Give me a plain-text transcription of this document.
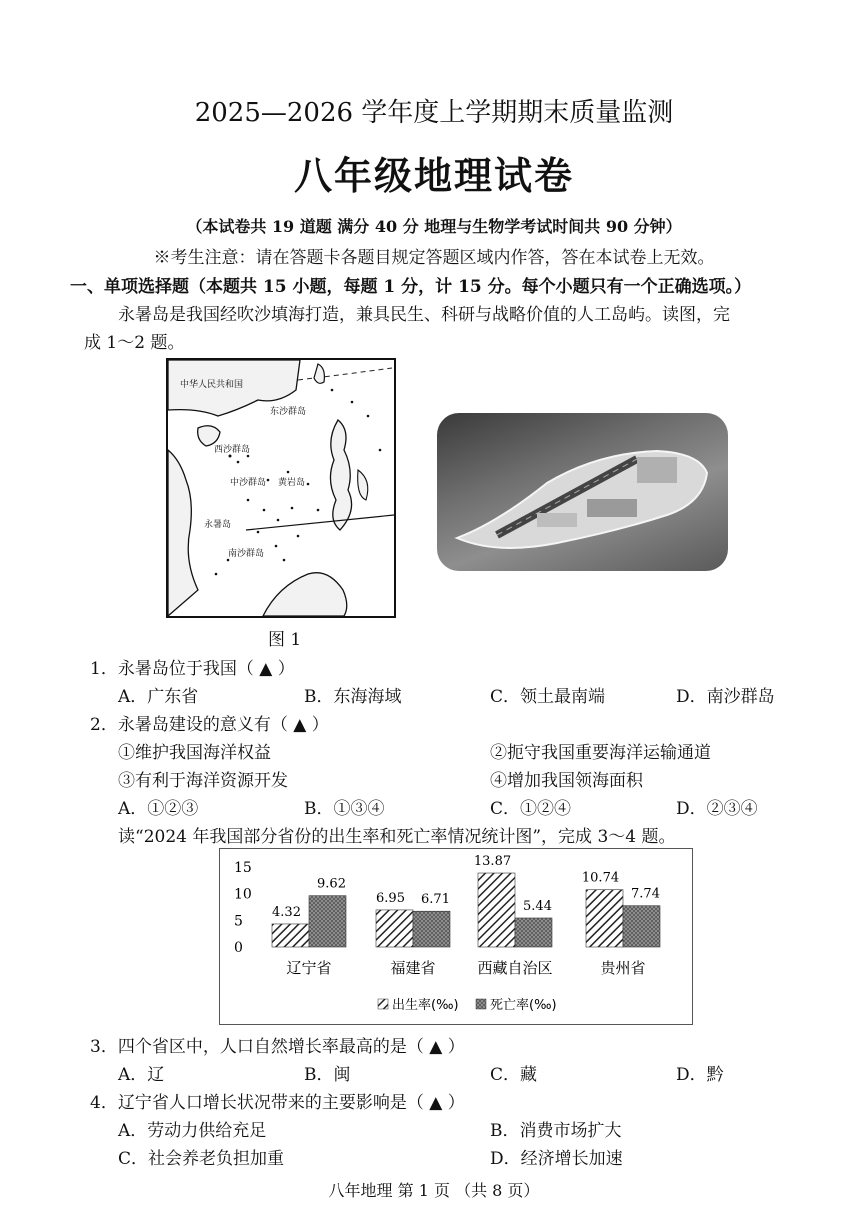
2025—2026 学年度上学期期末质量监测
八年级地理试卷
（本试卷共 19 道题 满分 40 分 地理与生物学考试时间共 90 分钟）
※考生注意：请在答题卡各题目规定答题区域内作答，答在本试卷上无效。
一、单项选择题（本题共 15 小题，每题 1 分，计 15 分。每个小题只有一个正确选项。）
永暑岛是我国经吹沙填海打造，兼具民生、科研与战略价值的人工岛屿。读图，完
成 1～2 题。
中华人民共和国
东沙群岛
西沙群岛
中沙群岛 黄岩岛
永暑岛
南沙群岛
图 1
1．永暑岛位于我国（ ▲ ）
A．广东省	B．东海海域	C．领土最南端	D．南沙群岛
2．永暑岛建设的意义有（ ▲ ）
①维护我国海洋权益	②扼守我国重要海洋运输通道
③有利于海洋资源开发	④增加我国领海面积
A．①②③	B．①③④	C．①②④	D．②③④
读“2024 年我国部分省份的出生率和死亡率情况统计图”，完成 3～4 题。
15
10
5
0
4.32
9.62
6.95 6.71
13.87
5.44
10.74
7.74
辽宁省	福建省	西藏自治区	贵州省
出生率(‰) 死亡率(‰)
3．四个省区中，人口自然增长率最高的是（ ▲ ）
A．辽	B．闽	C．藏	D．黔
4．辽宁省人口增长状况带来的主要影响是（ ▲ ）
A．劳动力供给充足	B．消费市场扩大
C．社会养老负担加重	D．经济增长加速
八年地理 第 1 页 （共 8 页）
